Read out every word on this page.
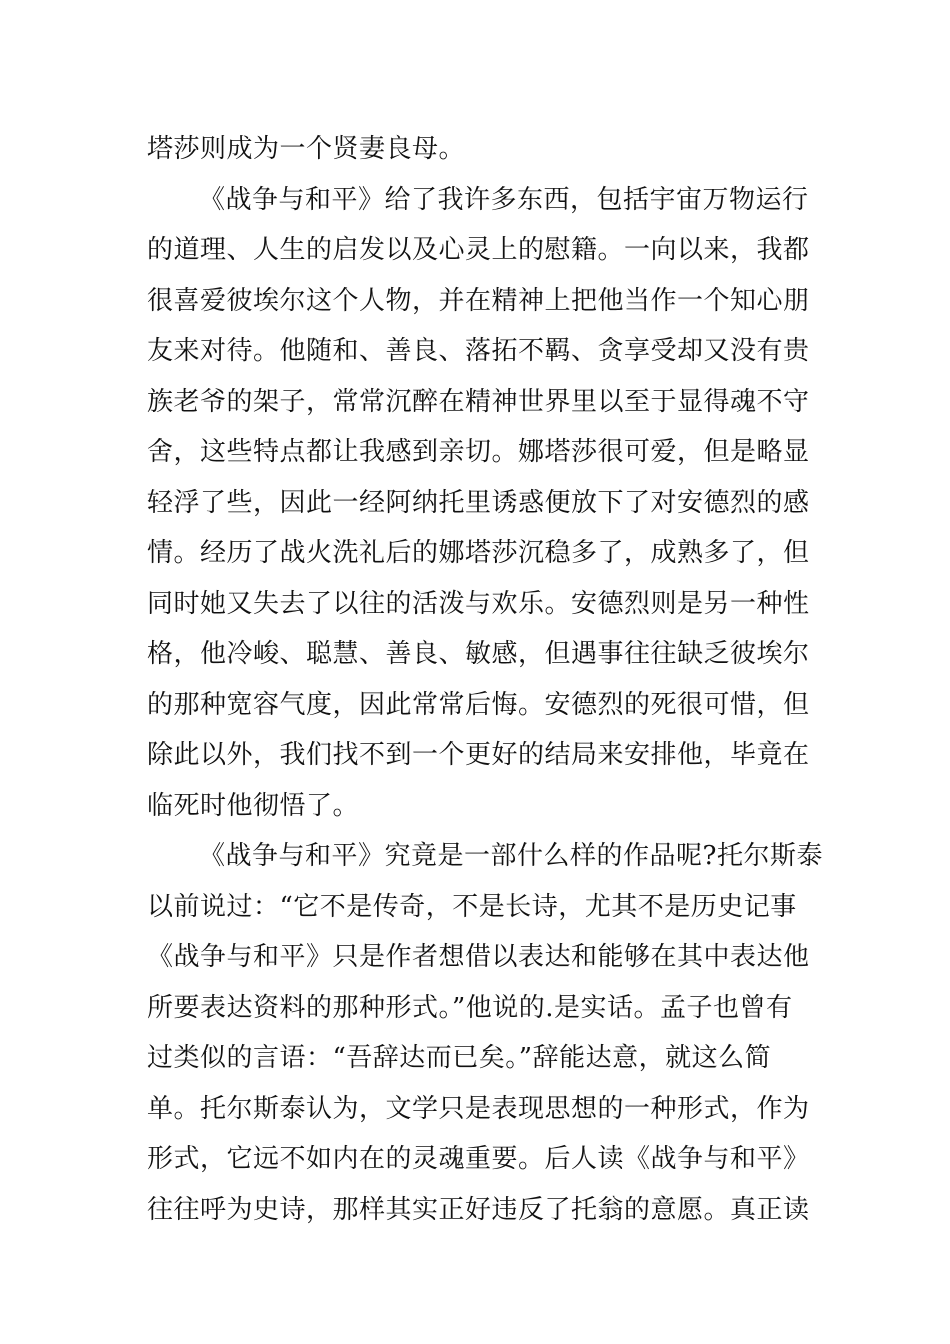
塔莎则成为一个贤妻良母。
《战争与和平》给了我许多东西，包括宇宙万物运行
的道理、人生的启发以及心灵上的慰籍。一向以来，我都
很喜爱彼埃尔这个人物，并在精神上把他当作一个知心朋
友来对待。他随和、善良、落拓不羁、贪享受却又没有贵
族老爷的架子，常常沉醉在精神世界里以至于显得魂不守
舍，这些特点都让我感到亲切。娜塔莎很可爱，但是略显
轻浮了些，因此一经阿纳托里诱惑便放下了对安德烈的感
情。经历了战火洗礼后的娜塔莎沉稳多了，成熟多了，但
同时她又失去了以往的活泼与欢乐。安德烈则是另一种性
格，他冷峻、聪慧、善良、敏感，但遇事往往缺乏彼埃尔
的那种宽容气度，因此常常后悔。安德烈的死很可惜，但
除此以外，我们找不到一个更好的结局来安排他，毕竟在
临死时他彻悟了。
《战争与和平》究竟是一部什么样的作品呢?托尔斯泰
以前说过：“它不是传奇，不是长诗，尤其不是历史记事
《战争与和平》只是作者想借以表达和能够在其中表达他
所要表达资料的那种形式。”他说的.是实话。孟子也曾有
过类似的言语：“吾辞达而已矣。”辞能达意，就这么简
单。托尔斯泰认为，文学只是表现思想的一种形式，作为
形式，它远不如内在的灵魂重要。后人读《战争与和平》
往往呼为史诗，那样其实正好违反了托翁的意愿。真正读
